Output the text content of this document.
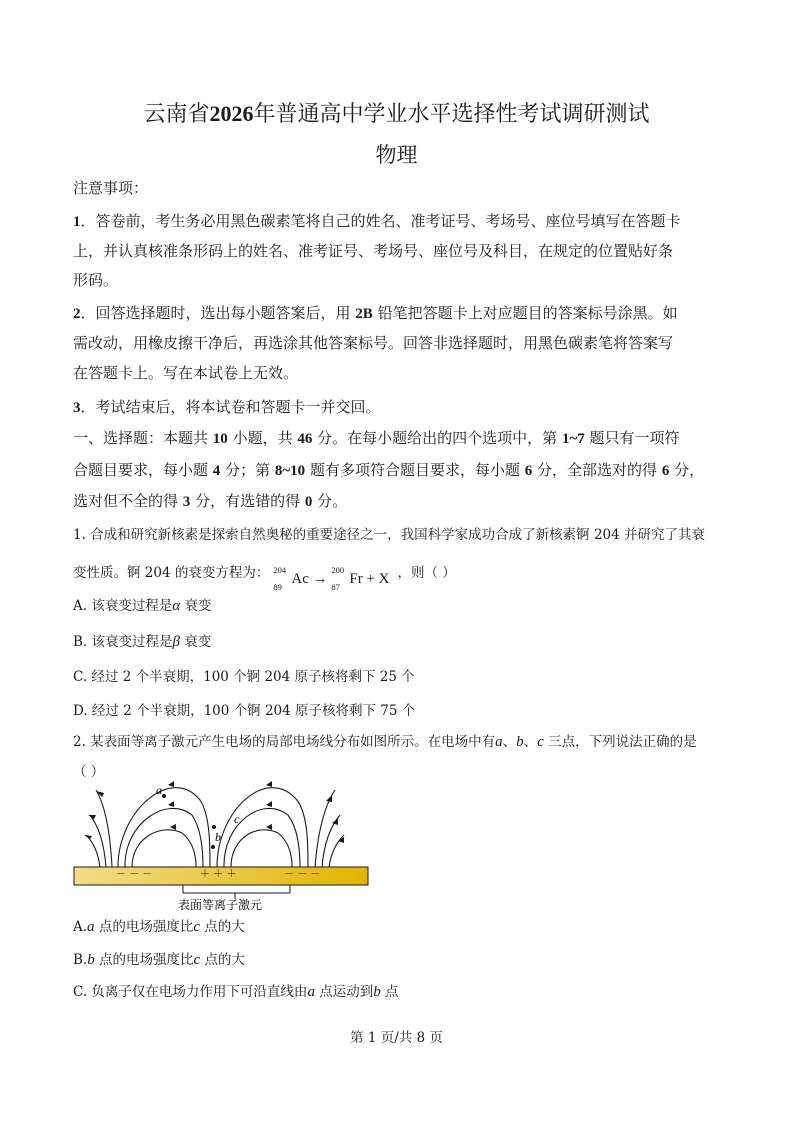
云南省2026年普通高中学业水平选择性考试调研测试
物理
注意事项：
1．答卷前，考生务必用黑色碳素笔将自己的姓名、准考证号、考场号、座位号填写在答题卡
上，并认真核准条形码上的姓名、准考证号、考场号、座位号及科目，在规定的位置贴好条
形码。
2．回答选择题时，选出每小题答案后，用 2B 铅笔把答题卡上对应题目的答案标号涂黑。如
需改动，用橡皮擦干净后，再选涂其他答案标号。回答非选择题时，用黑色碳素笔将答案写
在答题卡上。写在本试卷上无效。
3．考试结束后，将本试卷和答题卡一并交回。
一、选择题：本题共 10 小题，共 46 分。在每小题给出的四个选项中，第 1~7 题只有一项符
合题目要求，每小题 4 分；第 8~10 题有多项符合题目要求，每小题 6 分，全部选对的得 6 分，
选对但不全的得 3 分，有选错的得 0 分。
1. 合成和研究新核素是探索自然奥秘的重要途径之一，我国科学家成功合成了新核素锕 204 并研究了其衰
变性质。锕 204 的衰变方程为： 204
89 Ac →
200
87 Fr + X ，则（ ）
A. 该衰变过程是α 衰变
B. 该衰变过程是β 衰变
C. 经过 2 个半衰期，100 个锕 204 原子核将剩下 25 个
D. 经过 2 个半衰期，100 个锕 204 原子核将剩下 75 个
2. 某表面等离子激元产生电场的局部电场线分布如图所示。在电场中有a、b、c 三点，下列说法正确的是
（ ）
a
b
c
－ － －	＋ ＋ ＋	－ － －
表面等离子激元
A.a 点的电场强度比c 点的大
B.b 点的电场强度比c 点的大
C. 负离子仅在电场力作用下可沿直线由a 点运动到b 点
第 1 页/共 8 页
